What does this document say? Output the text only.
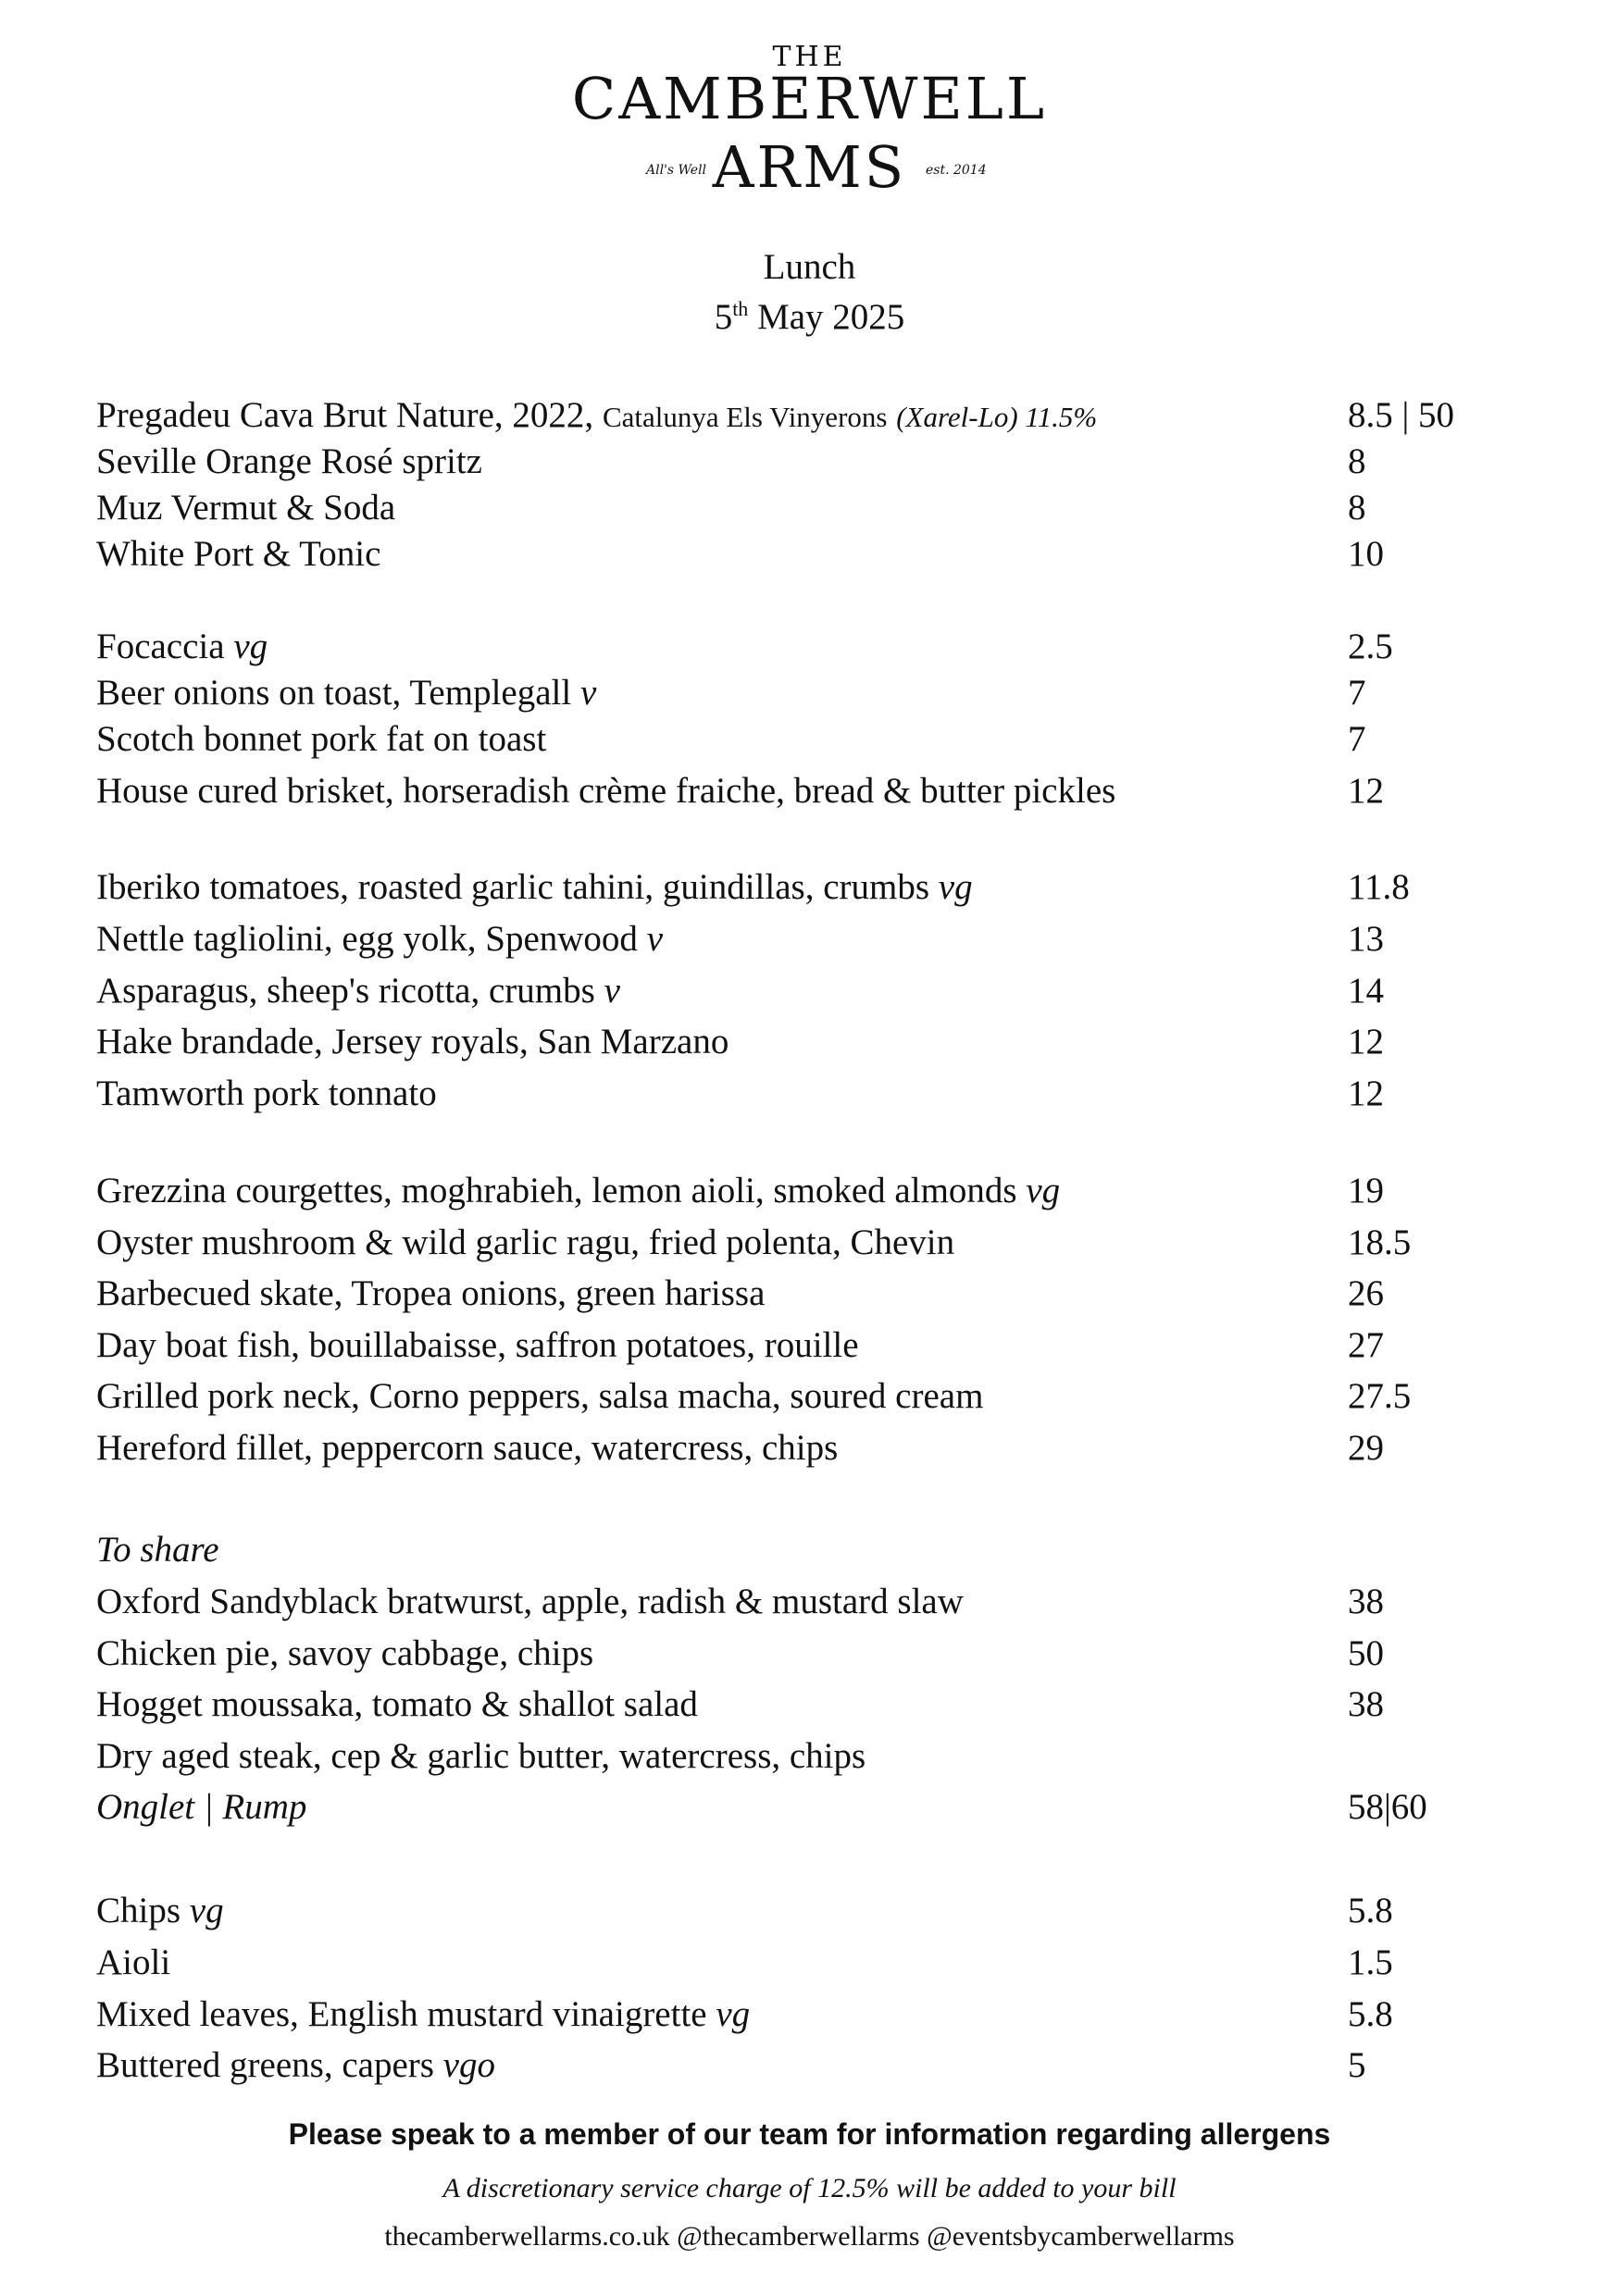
THE
CAMBERWELL
ARMS
All's Well	est. 2014
Lunch
5th May 2025
Pregadeu Cava Brut Nature, 2022, Catalunya Els Vinyerons (Xarel-Lo) 11.5%	8.5 | 50
Seville Orange Rosé spritz	8
Muz Vermut & Soda	8
White Port & Tonic	10
Focaccia vg	2.5
Beer onions on toast, Templegall v	7
Scotch bonnet pork fat on toast	7
House cured brisket, horseradish crème fraiche, bread & butter pickles	12
Iberiko tomatoes, roasted garlic tahini, guindillas, crumbs vg	11.8
Nettle tagliolini, egg yolk, Spenwood v	13
Asparagus, sheep's ricotta, crumbs v	14
Hake brandade, Jersey royals, San Marzano	12
Tamworth pork tonnato	12
Grezzina courgettes, moghrabieh, lemon aioli, smoked almonds vg	19
Oyster mushroom & wild garlic ragu, fried polenta, Chevin	18.5
Barbecued skate, Tropea onions, green harissa	26
Day boat fish, bouillabaisse, saffron potatoes, rouille	27
Grilled pork neck, Corno peppers, salsa macha, soured cream	27.5
Hereford fillet, peppercorn sauce, watercress, chips	29
To share
Oxford Sandyblack bratwurst, apple, radish & mustard slaw	38
Chicken pie, savoy cabbage, chips	50
Hogget moussaka, tomato & shallot salad	38
Dry aged steak, cep & garlic butter, watercress, chips
Onglet | Rump	58|60
Chips vg	5.8
Aioli	1.5
Mixed leaves, English mustard vinaigrette vg	5.8
Buttered greens, capers vgo	5
Please speak to a member of our team for information regarding allergens
A discretionary service charge of 12.5% will be added to your bill
thecamberwellarms.co.uk @thecamberwellarms @eventsbycamberwellarms
